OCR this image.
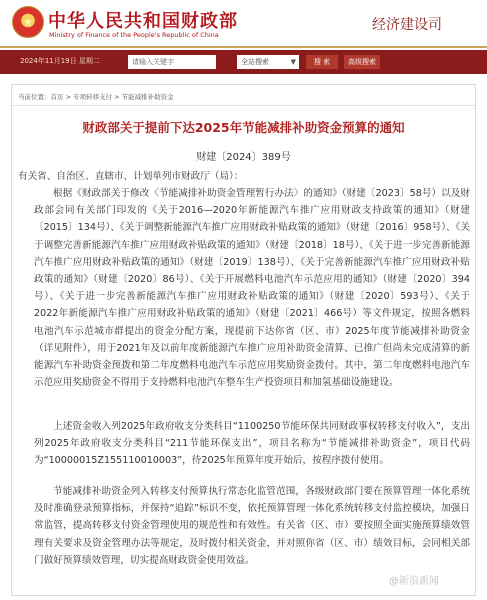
★ 中华人民共和国财政部
Ministry of Finance of the People's Republic of China
经济建设司
2024年11月19日 星期二	请输入关键字	全站搜索	▼	搜 索	高级搜索
当前位置：首页 > 专项转移支付 > 节能减排补助资金
财政部关于提前下达2025年节能减排补助资金预算的通知
财建〔2024〕389号

有关省、自治区、直辖市、计划单列市财政厅（局）：

根据《财政部关于修改〈节能减排补助资金管理暂行办法〉的通知》（财建〔2023〕58号）以及财政部会同有关部门印发的《关于2016—2020年新能源汽车推广应用财政支持政策的通知》（财建〔2015〕134号）、《关于调整新能源汽车推广应用财政补贴政策的通知》（财建〔2016〕958号）、《关于调整完善新能源汽车推广应用财政补贴政策的通知》（财建〔2018〕18号）、《关于进一步完善新能源汽车推广应用财政补贴政策的通知》（财建〔2019〕138号）、《关于完善新能源汽车推广应用财政补贴政策的通知》（财建〔2020〕86号）、《关于开展燃料电池汽车示范应用的通知》（财建〔2020〕394号）、《关于进一步完善新能源汽车推广应用财政补贴政策的通知》（财建〔2020〕593号）、《关于2022年新能源汽车推广应用财政补贴政策的通知》（财建〔2021〕466号）等文件规定，按照各燃料电池汽车示范城市群提出的资金分配方案，现提前下达你省（区、市）2025年度节能减排补助资金（详见附件），用于2021年及以前年度新能源汽车推广应用补助资金清算、已推广但尚未完成清算的新能源汽车补助资金预拨和第二年度燃料电池汽车示范应用奖励资金拨付。其中，第二年度燃料电池汽车示范应用奖励资金不得用于支持燃料电池汽车整车生产投资项目和加氢基础设施建设。

上述资金收入列2025年政府收支分类科目“1100250节能环保共同财政事权转移支付收入”，支出列2025年政府收支分类科目“211节能环保支出”，项目名称为“节能减排补助资金”，项目代码为“10000015Z155110010003”，待2025年预算年度开始后，按程序拨付使用。

节能减排补助资金列入转移支付预算执行常态化监管范围，各级财政部门要在预算管理一体化系统及时准确登录预算指标，并保持“追踪”标识不变，依托预算管理一体化系统转移支付监控模块，加强日常监管，提高转移支付资金管理使用的规范性和有效性。有关省（区、市）要按照全面实施预算绩效管理有关要求及资金管理办法等规定，及时拨付相关资金，并对照你省（区、市）绩效目标，会同相关部门做好预算绩效管理，切实提高财政资金使用效益。

@新浪新闻
